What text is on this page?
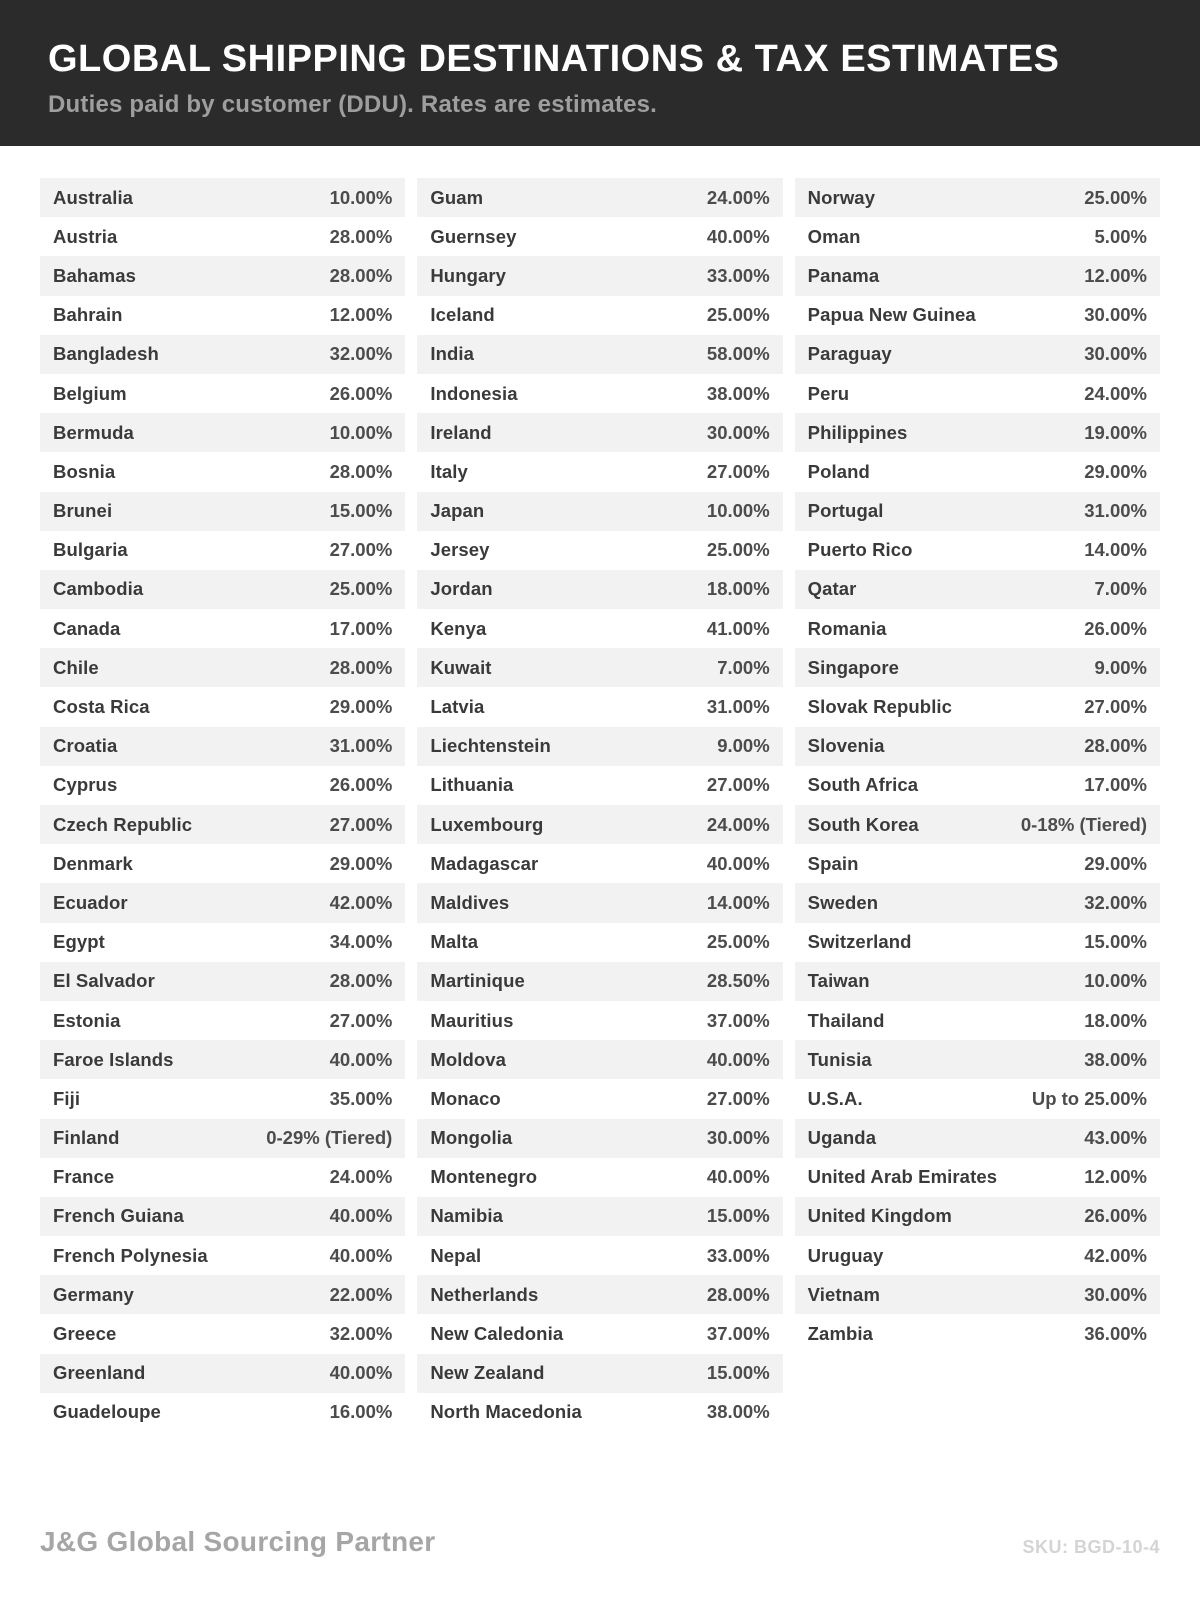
GLOBAL SHIPPING DESTINATIONS & TAX ESTIMATES

Duties paid by customer (DDU). Rates are estimates.

Australia	10.00%
Austria	28.00%
Bahamas	28.00%
Bahrain	12.00%
Bangladesh	32.00%
Belgium	26.00%
Bermuda	10.00%
Bosnia	28.00%
Brunei	15.00%
Bulgaria	27.00%
Cambodia	25.00%
Canada	17.00%
Chile	28.00%
Costa Rica	29.00%
Croatia	31.00%
Cyprus	26.00%
Czech Republic	27.00%
Denmark	29.00%
Ecuador	42.00%
Egypt	34.00%
El Salvador	28.00%
Estonia	27.00%
Faroe Islands	40.00%
Fiji	35.00%
Finland	0-29% (Tiered)
France	24.00%
French Guiana	40.00%
French Polynesia	40.00%
Germany	22.00%
Greece	32.00%
Greenland	40.00%
Guadeloupe	16.00%
Guam	24.00%
Guernsey	40.00%
Hungary	33.00%
Iceland	25.00%
India	58.00%
Indonesia	38.00%
Ireland	30.00%
Italy	27.00%
Japan	10.00%
Jersey	25.00%
Jordan	18.00%
Kenya	41.00%
Kuwait	7.00%
Latvia	31.00%
Liechtenstein	9.00%
Lithuania	27.00%
Luxembourg	24.00%
Madagascar	40.00%
Maldives	14.00%
Malta	25.00%
Martinique	28.50%
Mauritius	37.00%
Moldova	40.00%
Monaco	27.00%
Mongolia	30.00%
Montenegro	40.00%
Namibia	15.00%
Nepal	33.00%
Netherlands	28.00%
New Caledonia	37.00%
New Zealand	15.00%
North Macedonia	38.00%
Norway	25.00%
Oman	5.00%
Panama	12.00%
Papua New Guinea	30.00%
Paraguay	30.00%
Peru	24.00%
Philippines	19.00%
Poland	29.00%
Portugal	31.00%
Puerto Rico	14.00%
Qatar	7.00%
Romania	26.00%
Singapore	9.00%
Slovak Republic	27.00%
Slovenia	28.00%
South Africa	17.00%
South Korea	0-18% (Tiered)
Spain	29.00%
Sweden	32.00%
Switzerland	15.00%
Taiwan	10.00%
Thailand	18.00%
Tunisia	38.00%
U.S.A.	Up to 25.00%
Uganda	43.00%
United Arab Emirates	12.00%
United Kingdom	26.00%
Uruguay	42.00%
Vietnam	30.00%
Zambia	36.00%
J&G Global Sourcing Partner	SKU: BGD-10-4
